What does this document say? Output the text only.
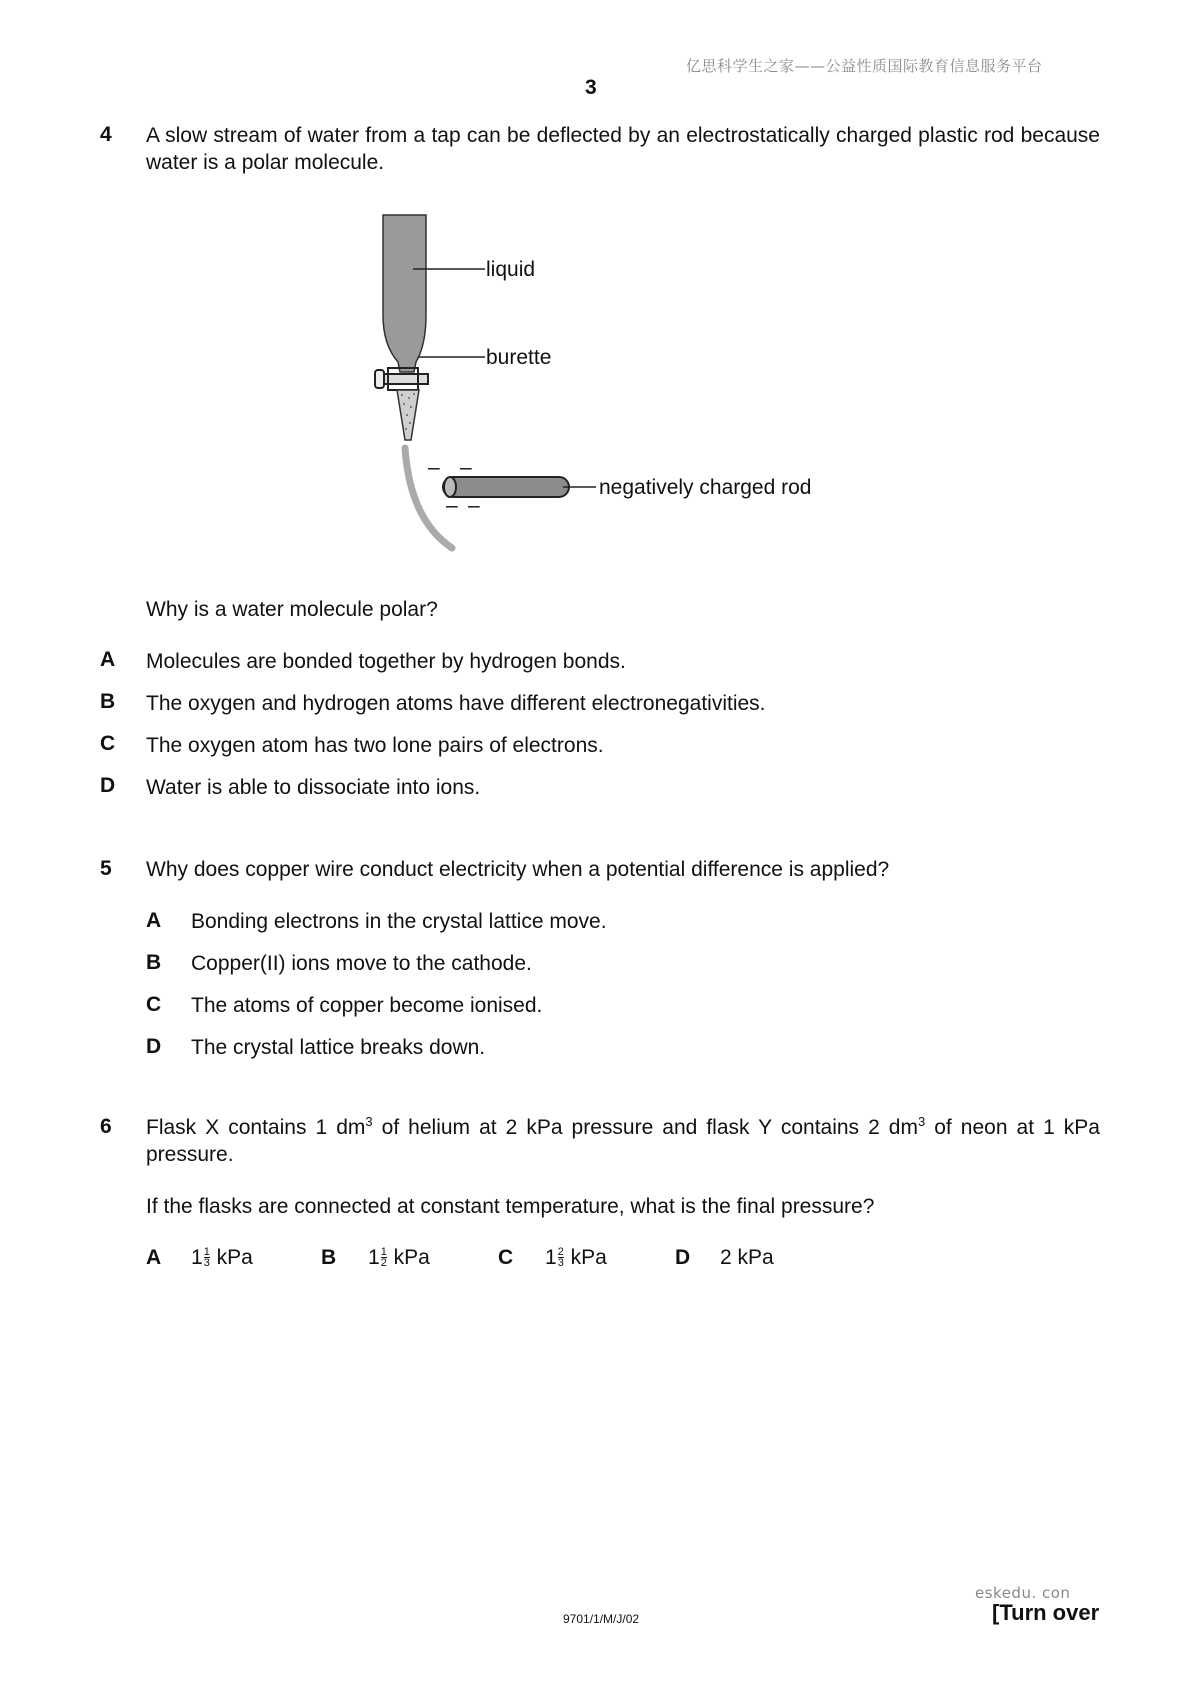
亿思科学生之家——公益性质国际教育信息服务平台
3
4 A slow stream of water from a tap can be deflected by an electrostatically charged plastic rod because water is a polar molecule.
– –
– –
liquid
burette
negatively charged rod
Why is a water molecule polar?
A Molecules are bonded together by hydrogen bonds.
B The oxygen and hydrogen atoms have different electronegativities.
C The oxygen atom has two lone pairs of electrons.
D Water is able to dissociate into ions.
5 Why does copper wire conduct electricity when a potential difference is applied?
A Bonding electrons in the crystal lattice move.
B Copper(II) ions move to the cathode.
C The atoms of copper become ionised.
D The crystal lattice breaks down.
6 Flask X contains 1 $dm^3$ of helium at 2 kPa pressure and flask Y contains 2 $dm^3$ of neon at 1 kPa pressure.
If the flasks are connected at constant temperature, what is the final pressure?
A	$1 \frac{1}{3}$
kPa	B	$1 \frac{1}{2}$
kPa	C	$1 \frac{2}{3}$
kPa	D	2 kPa
9701/1/M/J/02
eskedu. con
[Turn over
